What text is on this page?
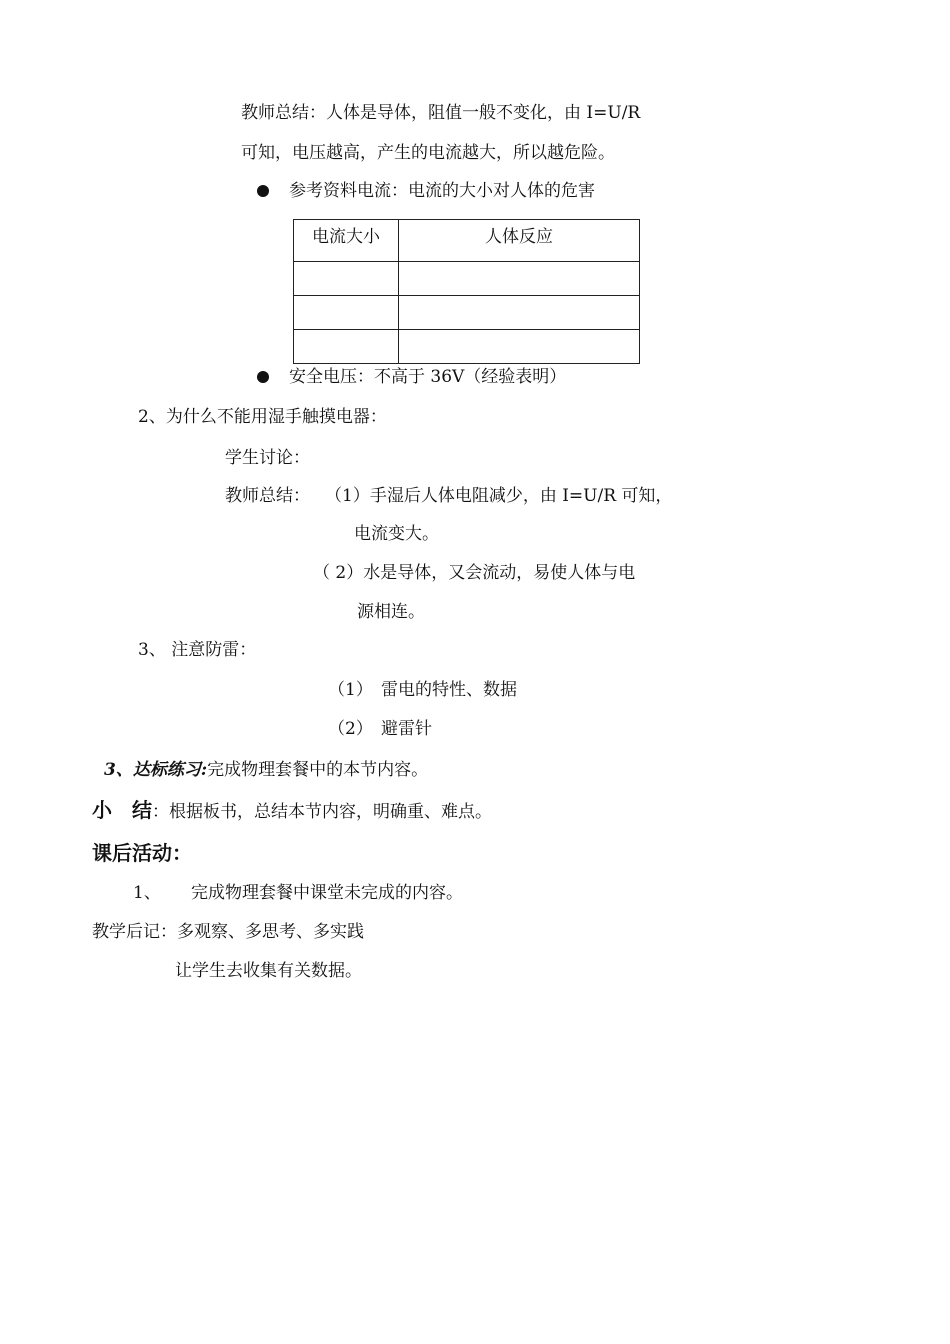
教师总结：人体是导体，阻值一般不变化，由 I=U/R
可知，电压越高，产生的电流越大，所以越危险。
参考资料电流：电流的大小对人体的危害
电流大小	人体反应

安全电压：不高于 36V（经验表明）
2、为什么不能用湿手触摸电器：
学生讨论：
教师总结： （1）手湿后人体电阻减少，由 I=U/R 可知，
电流变大。
（ 2）水是导体，又会流动，易使人体与电
源相连。
3、 注意防雷：
（1） 雷电的特性、数据
（2） 避雷针
3、达标练习:完成物理套餐中的本节内容。
小　结：根据板书，总结本节内容，明确重、难点。
课后活动：
1、 完成物理套餐中课堂未完成的内容。
教学后记：多观察、多思考、多实践
让学生去收集有关数据。
